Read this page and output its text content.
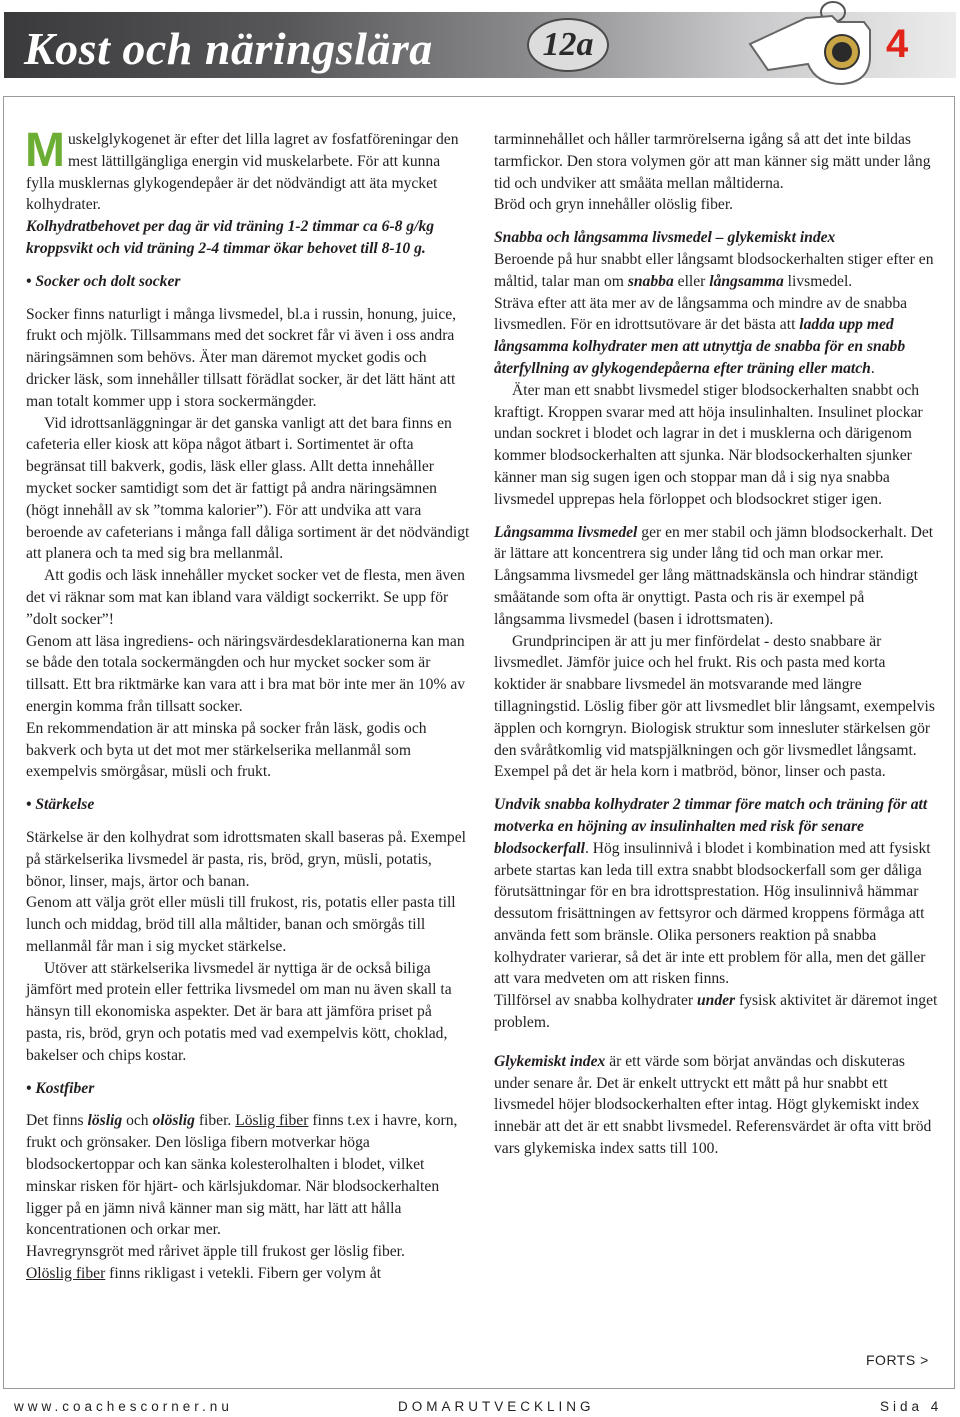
Kost och näringslära	12a	4

Muskelglykogenet är efter det lilla lagret av fosfatföreningar den mest lättillgängliga energin vid muskelarbete. För att kunna fylla musklernas glykogendepåer är det nödvändigt att äta mycket kolhydrater.

Kolhydratbehovet per dag är vid träning 1-2 timmar ca 6-8 g/kg kroppsvikt och vid träning 2-4 timmar ökar behovet till 8-10 g.

• Socker och dolt socker

Socker finns naturligt i många livsmedel, bl.a i russin, honung, juice, frukt och mjölk. Tillsammans med det sockret får vi även i oss andra näringsämnen som behövs. Äter man däremot mycket godis och dricker läsk, som innehåller tillsatt förädlat socker, är det lätt hänt att man totalt kommer upp i stora sockermängder.

Vid idrottsanläggningar är det ganska vanligt att det bara finns en cafeteria eller kiosk att köpa något ätbart i. Sortimentet är ofta begränsat till bakverk, godis, läsk eller glass. Allt detta innehåller mycket socker samtidigt som det är fattigt på andra näringsämnen (högt innehåll av sk ”tomma kalorier”). För att undvika att vara beroende av cafeterians i många fall dåliga sortiment är det nödvändigt att planera och ta med sig bra mellanmål.

Att godis och läsk innehåller mycket socker vet de flesta, men även det vi räknar som mat kan ibland vara väldigt sockerrikt. Se upp för ”dolt socker”!

Genom att läsa ingrediens- och näringsvärdesdeklarationerna kan man se både den totala sockermängden och hur mycket socker som är tillsatt. Ett bra riktmärke kan vara att i bra mat bör inte mer än 10% av energin komma från tillsatt socker.

En rekommendation är att minska på socker från läsk, godis och bakverk och byta ut det mot mer stärkelserika mellanmål som exempelvis smörgåsar, müsli och frukt.

• Stärkelse

Stärkelse är den kolhydrat som idrottsmaten skall baseras på. Exempel på stärkelserika livsmedel är pasta, ris, bröd, gryn, müsli, potatis, bönor, linser, majs, ärtor och banan.

Genom att välja gröt eller müsli till frukost, ris, potatis eller pasta till lunch och middag, bröd till alla måltider, banan och smörgås till mellanmål får man i sig mycket stärkelse.

Utöver att stärkelserika livsmedel är nyttiga är de också biliga jämfört med protein eller fettrika livsmedel om man nu även skall ta hänsyn till ekonomiska aspekter. Det är bara att jämföra priset på pasta, ris, bröd, gryn och potatis med vad exempelvis kött, choklad, bakelser och chips kostar.

• Kostfiber

Det finns löslig och olöslig fiber. Löslig fiber finns t.ex i havre, korn, frukt och grönsaker. Den lösliga fibern motverkar höga blodsockertoppar och kan sänka kolesterolhalten i blodet, vilket minskar risken för hjärt- och kärlsjukdomar. När blodsockerhalten ligger på en jämn nivå känner man sig mätt, har lätt att hålla koncentrationen och orkar mer.

Havregrynsgröt med rårivet äpple till frukost ger löslig fiber.

Olöslig fiber finns rikligast i vetekli. Fibern ger volym åt

tarminnehållet och håller tarmrörelserna igång så att det inte bildas tarmfickor. Den stora volymen gör att man känner sig mätt under lång tid och undviker att småäta mellan måltiderna.

Bröd och gryn innehåller olöslig fiber.

Snabba och långsamma livsmedel – glykemiskt index

Beroende på hur snabbt eller långsamt blodsockerhalten stiger efter en måltid, talar man om snabba eller långsamma livsmedel.

Sträva efter att äta mer av de långsamma och mindre av de snabba livsmedlen. För en idrottsutövare är det bästa att ladda upp med långsamma kolhydrater men att utnyttja de snabba för en snabb återfyllning av glykogendepåerna efter träning eller match.

Äter man ett snabbt livsmedel stiger blodsockerhalten snabbt och kraftigt. Kroppen svarar med att höja insulinhalten. Insulinet plockar undan sockret i blodet och lagrar in det i musklerna och därigenom kommer blodsockerhalten att sjunka. När blodsockerhalten sjunker känner man sig sugen igen och stoppar man då i sig nya snabba livsmedel upprepas hela förloppet och blodsockret stiger igen.

Långsamma livsmedel ger en mer stabil och jämn blodsockerhalt. Det är lättare att koncentrera sig under lång tid och man orkar mer. Långsamma livsmedel ger lång mättnadskänsla och hindrar ständigt småätande som ofta är onyttigt. Pasta och ris är exempel på långsamma livsmedel (basen i idrottsmaten).

Grundprincipen är att ju mer finfördelat - desto snabbare är livsmedlet. Jämför juice och hel frukt. Ris och pasta med korta koktider är snabbare livsmedel än motsvarande med längre tillagningstid. Löslig fiber gör att livsmedlet blir långsamt, exempelvis äpplen och korngryn. Biologisk struktur som innesluter stärkelsen gör den svåråtkomlig vid matspjälkningen och gör livsmedlet långsamt. Exempel på det är hela korn i matbröd, bönor, linser och pasta.

Undvik snabba kolhydrater 2 timmar före match och träning för att motverka en höjning av insulinhalten med risk för senare blodsockerfall. Hög insulinnivå i blodet i kombination med att fysiskt arbete startas kan leda till extra snabbt blodsockerfall som ger dåliga förutsättningar för en bra idrottsprestation. Hög insulinnivå hämmar dessutom frisättningen av fettsyror och därmed kroppens förmåga att använda fett som bränsle. Olika personers reaktion på snabba kolhydrater varierar, så det är inte ett problem för alla, men det gäller att vara medveten om att risken finns.

Tillförsel av snabba kolhydrater under fysisk aktivitet är däremot inget problem.

Glykemiskt index är ett värde som börjat användas och diskuteras under senare år. Det är enkelt uttryckt ett mått på hur snabbt ett livsmedel höjer blodsockerhalten efter intag. Högt glykemiskt index innebär att det är ett snabbt livsmedel. Referensvärdet är ofta vitt bröd vars glykemiska index satts till 100.

FORTS >
www.coachescorner.nu	DOMARUTVECKLING	Sida 4
